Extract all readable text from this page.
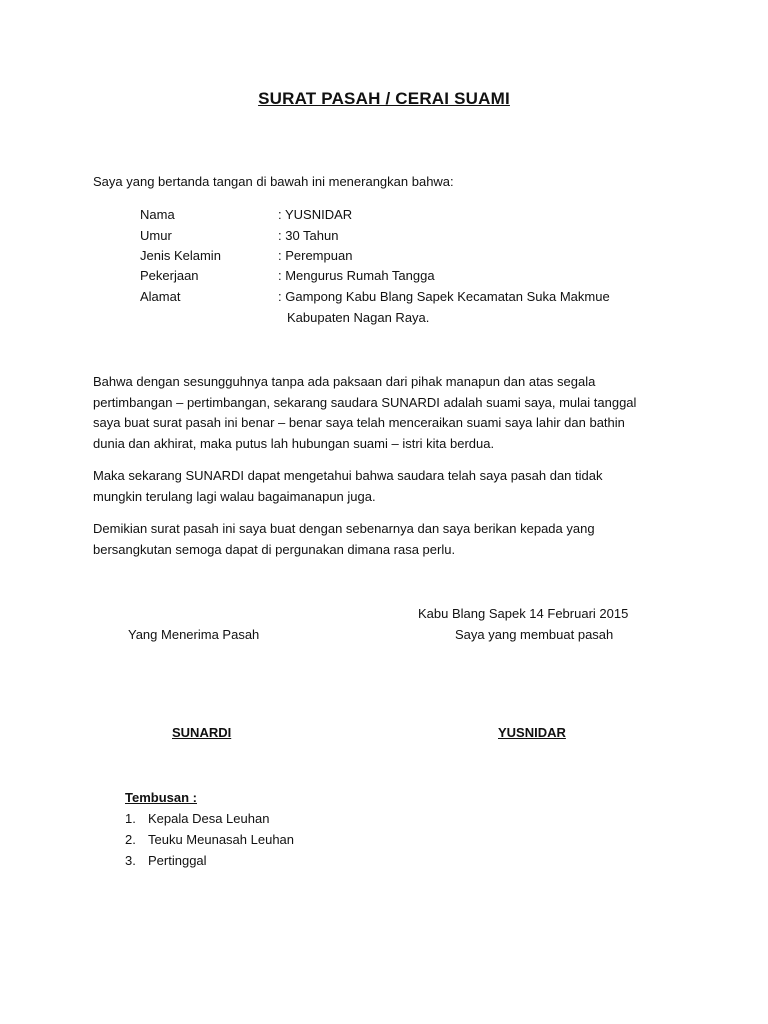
SURAT PASAH / CERAI SUAMI
Saya yang bertanda tangan di bawah ini menerangkan bahwa:
Nama	: YUSNIDAR
Umur	: 30 Tahun
Jenis Kelamin	: Perempuan
Pekerjaan	: Mengurus Rumah Tangga
Alamat	: Gampong Kabu Blang Sapek Kecamatan Suka Makmue
Kabupaten Nagan Raya.
Bahwa dengan sesungguhnya tanpa ada paksaan dari pihak manapun dan atas segala
pertimbangan – pertimbangan, sekarang saudara SUNARDI adalah suami saya, mulai tanggal
saya buat surat pasah ini benar – benar saya telah menceraikan suami saya lahir dan bathin
dunia dan akhirat, maka putus lah hubungan suami – istri kita berdua.
Maka sekarang SUNARDI dapat mengetahui bahwa saudara telah saya pasah dan tidak
mungkin terulang lagi walau bagaimanapun juga.
Demikian surat pasah ini saya buat dengan sebenarnya dan saya berikan kepada yang
bersangkutan semoga dapat di pergunakan dimana rasa perlu.
Kabu Blang Sapek 14 Februari 2015
Yang Menerima Pasah	Saya yang membuat pasah
SUNARDI	YUSNIDAR
Tembusan :
1. Kepala Desa Leuhan
2. Teuku Meunasah Leuhan
3. Pertinggal
